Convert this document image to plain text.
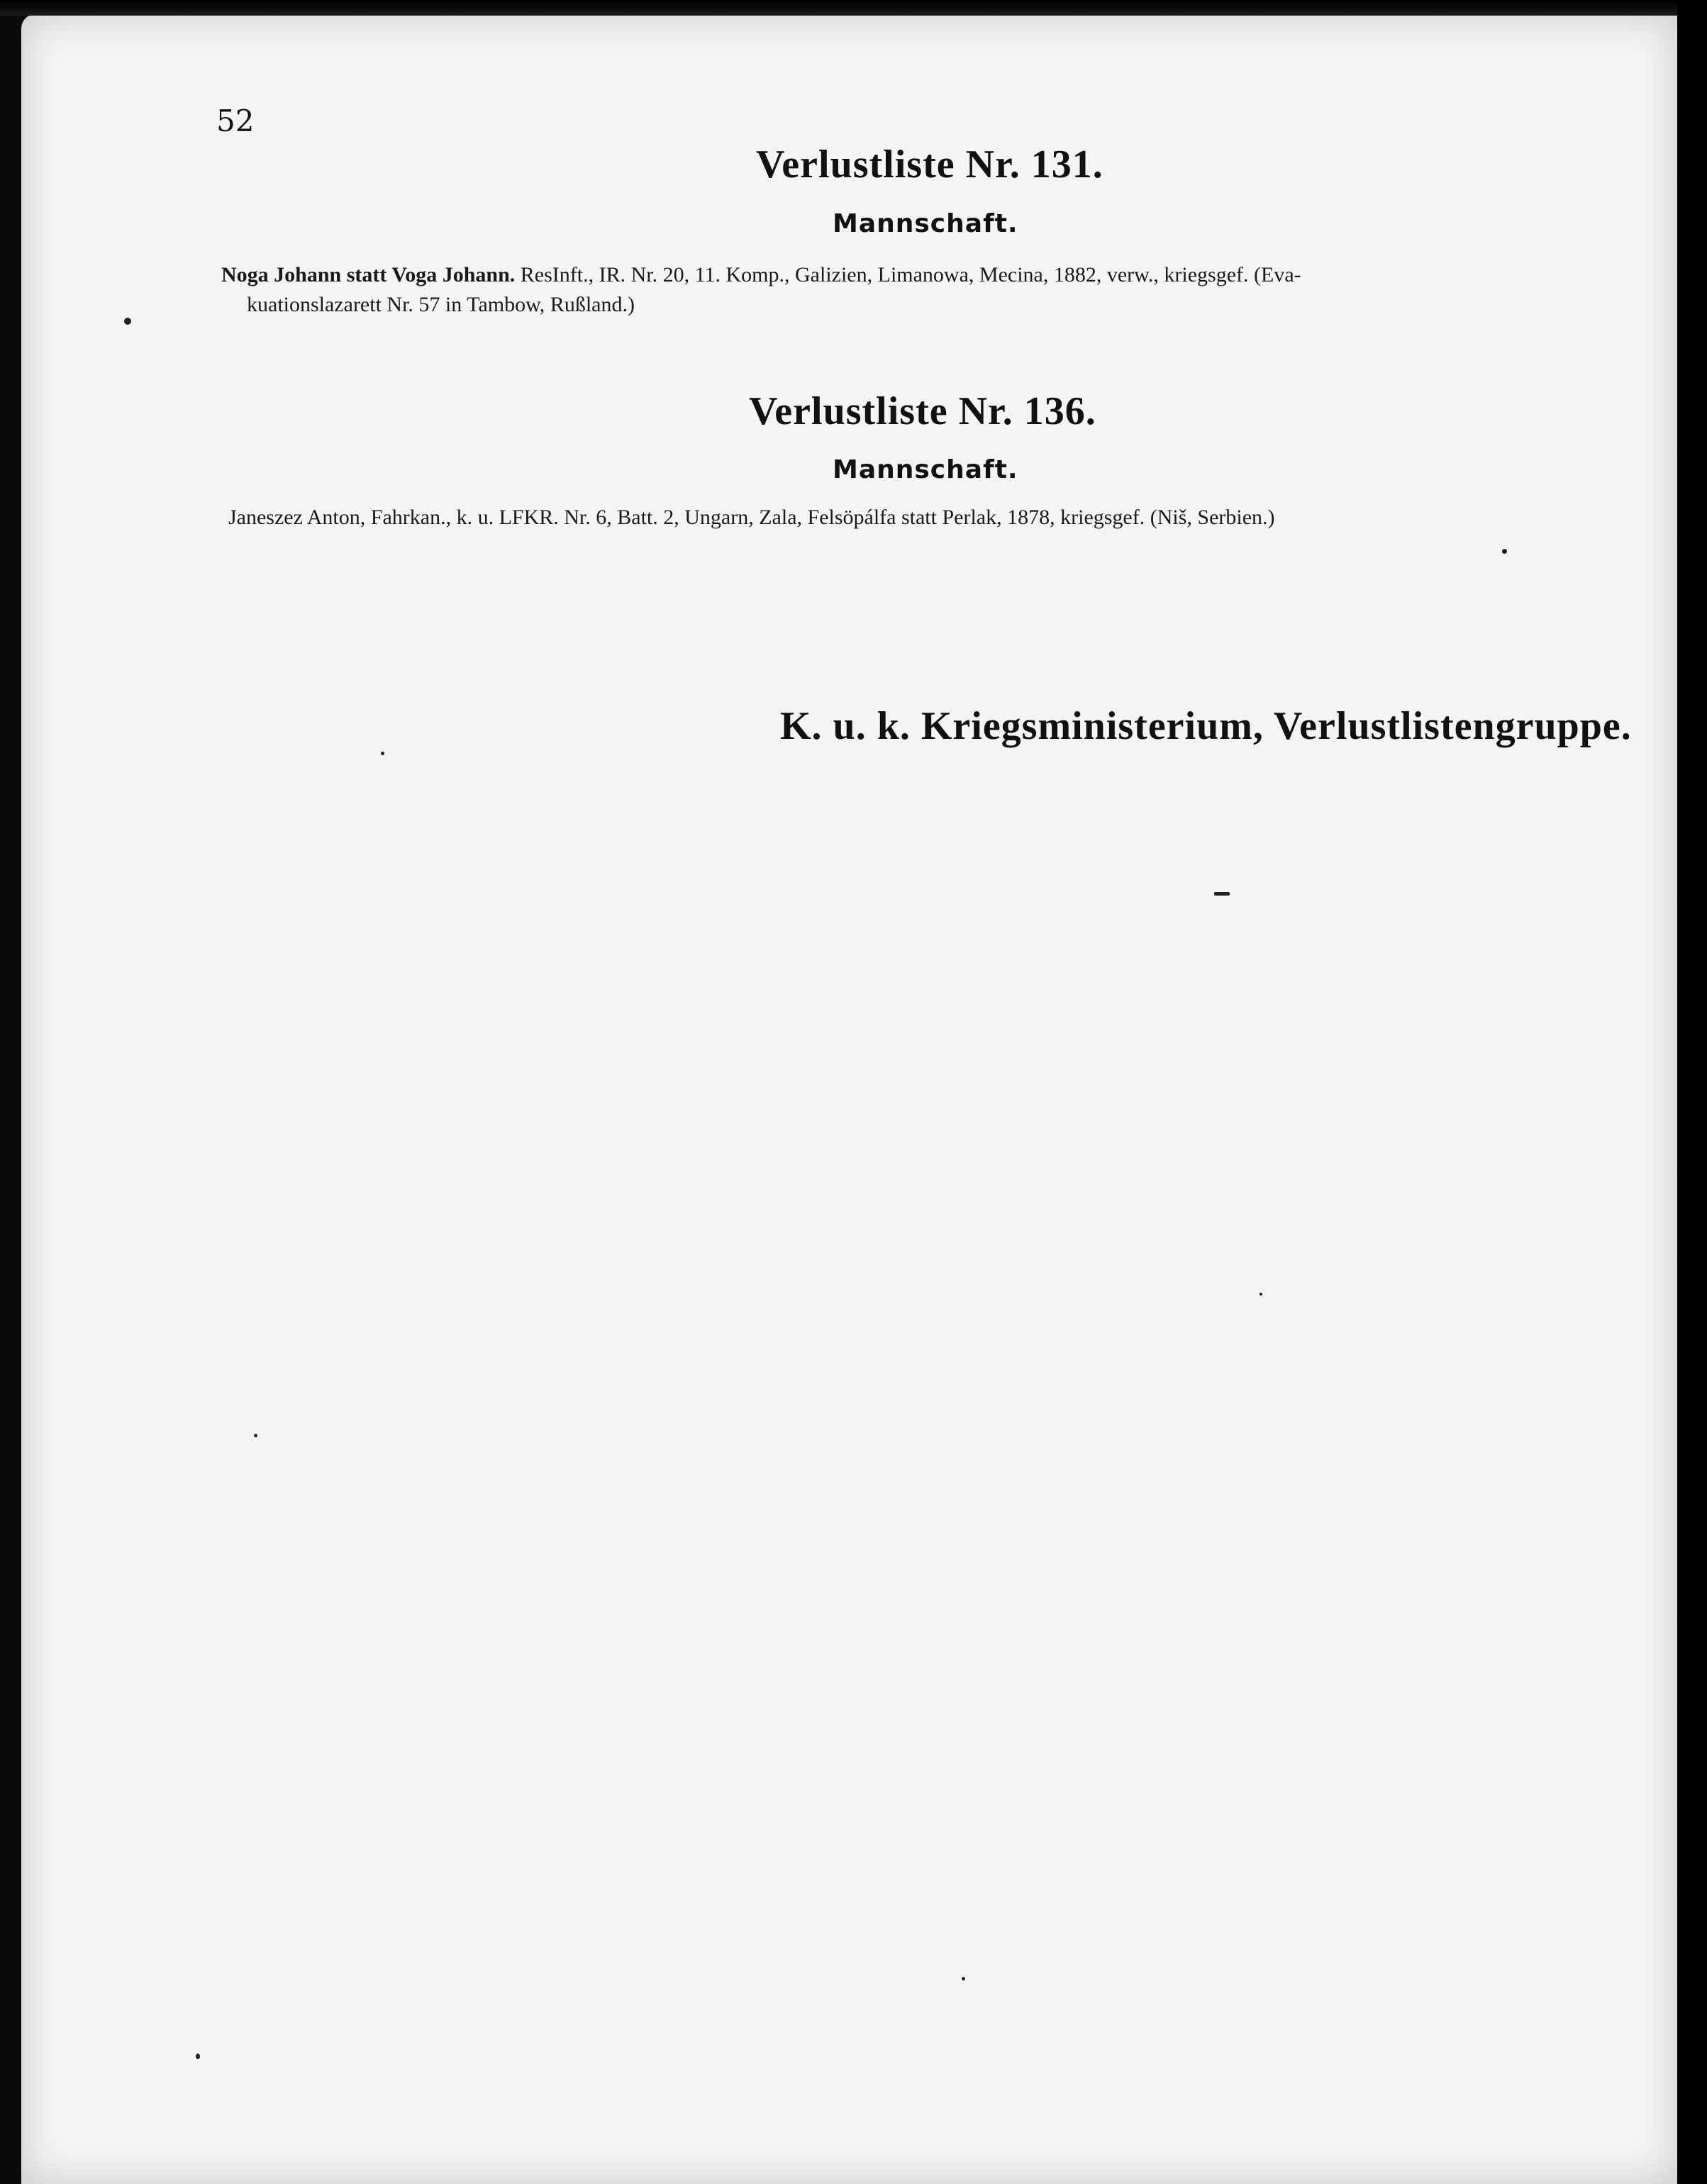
52
Verlustliste Nr. 131.
Mannschaft.
Noga Johann statt Voga Johann. ResInft., IR. Nr. 20, 11. Komp., Galizien, Limanowa, Mecina, 1882, verw., kriegsgef. (Eva-
kuationslazarett Nr. 57 in Tambow, Rußland.)
Verlustliste Nr. 136.
Mannschaft.
Janeszez Anton, Fahrkan., k. u. LFKR. Nr. 6, Batt. 2, Ungarn, Zala, Felsöpálfa statt Perlak, 1878, kriegsgef. (Niš, Serbien.)
K. u. k. Kriegsministerium, Verlustlistengruppe.
